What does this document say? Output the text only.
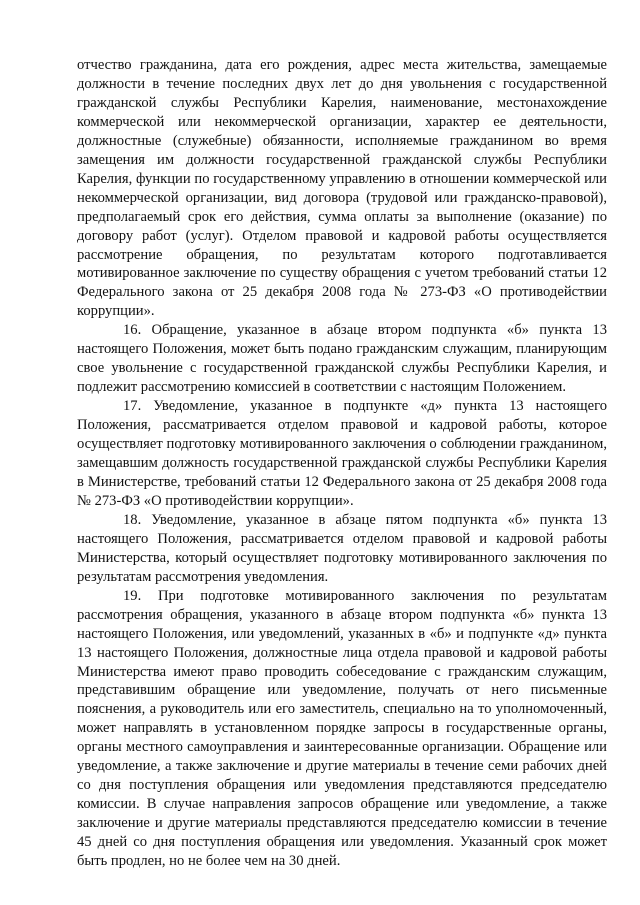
отчество гражданина, дата его рождения, адрес места жительства, замещаемые должности в течение последних двух лет до дня увольнения с государственной гражданской службы Республики Карелия, наименование, местонахождение коммерческой или некоммерческой организации, характер ее деятельности, должностные (служебные) обязанности, исполняемые гражданином во время замещения им должности государственной гражданской службы Республики Карелия, функции по государственному управлению в отношении коммерческой или некоммерческой организации, вид договора (трудовой или гражданско-правовой), предполагаемый срок его действия, сумма оплаты за выполнение (оказание) по договору работ (услуг). Отделом правовой и кадровой работы осуществляется рассмотрение обращения, по результатам которого подготавливается мотивированное заключение по существу обращения с учетом требований статьи 12 Федерального закона от 25 декабря 2008 года № 273-ФЗ «О противодействии коррупции».

16. Обращение, указанное в абзаце втором подпункта «б» пункта 13 настоящего Положения, может быть подано гражданским служащим, планирующим свое увольнение с государственной гражданской службы Республики Карелия, и подлежит рассмотрению комиссией в соответствии с настоящим Положением.

17. Уведомление, указанное в подпункте «д» пункта 13 настоящего Положения, рассматривается отделом правовой и кадровой работы, которое осуществляет подготовку мотивированного заключения о соблюдении гражданином, замещавшим должность государственной гражданской службы Республики Карелия в Министерстве, требований статьи 12 Федерального закона от 25 декабря 2008 года № 273-ФЗ «О противодействии коррупции».

18. Уведомление, указанное в абзаце пятом подпункта «б» пункта 13 настоящего Положения, рассматривается отделом правовой и кадровой работы Министерства, который осуществляет подготовку мотивированного заключения по результатам рассмотрения уведомления.

19. При подготовке мотивированного заключения по результатам рассмотрения обращения, указанного в абзаце втором подпункта «б» пункта 13 настоящего Положения, или уведомлений, указанных в «б» и подпункте «д» пункта 13 настоящего Положения, должностные лица отдела правовой и кадровой работы Министерства имеют право проводить собеседование с гражданским служащим, представившим обращение или уведомление, получать от него письменные пояснения, а руководитель или его заместитель, специально на то уполномоченный, может направлять в установленном порядке запросы в государственные органы, органы местного самоуправления и заинтересованные организации. Обращение или уведомление, а также заключение и другие материалы в течение семи рабочих дней со дня поступления обращения или уведомления представляются председателю комиссии. В случае направления запросов обращение или уведомление, а также заключение и другие материалы представляются председателю комиссии в течение 45 дней со дня поступления обращения или уведомления. Указанный срок может быть продлен, но не более чем на 30 дней.
